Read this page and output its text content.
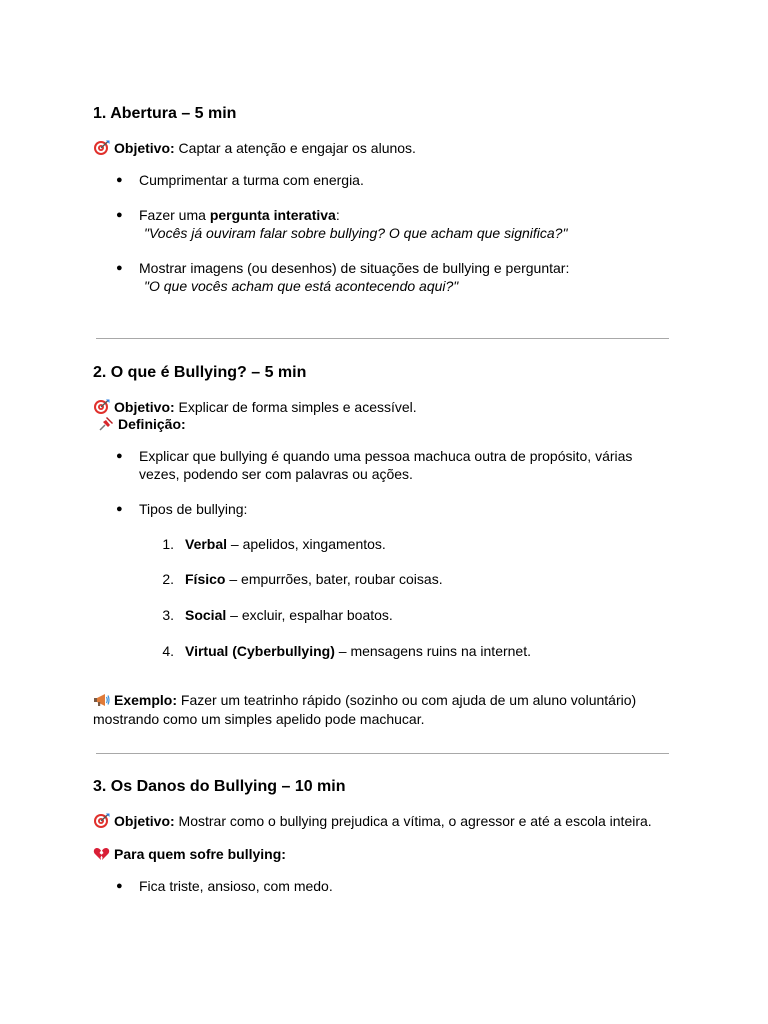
1. Abertura – 5 min
Objetivo: Captar a atenção e engajar os alunos.
● Cumprimentar a turma com energia.
● Fazer uma pergunta interativa:
"Vocês já ouviram falar sobre bullying? O que acham que significa?"
● Mostrar imagens (ou desenhos) de situações de bullying e perguntar:
"O que vocês acham que está acontecendo aqui?"
2. O que é Bullying? – 5 min
Objetivo: Explicar de forma simples e acessível.
Definição:
● Explicar que bullying é quando uma pessoa machuca outra de propósito, várias
vezes, podendo ser com palavras ou ações.
● Tipos de bullying:
1. Verbal – apelidos, xingamentos.
2. Físico – empurrões, bater, roubar coisas.
3. Social – excluir, espalhar boatos.
4. Virtual (Cyberbullying) – mensagens ruins na internet.
Exemplo: Fazer um teatrinho rápido (sozinho ou com ajuda de um aluno voluntário)
mostrando como um simples apelido pode machucar.
3. Os Danos do Bullying – 10 min
Objetivo: Mostrar como o bullying prejudica a vítima, o agressor e até a escola inteira.
Para quem sofre bullying:
● Fica triste, ansioso, com medo.
